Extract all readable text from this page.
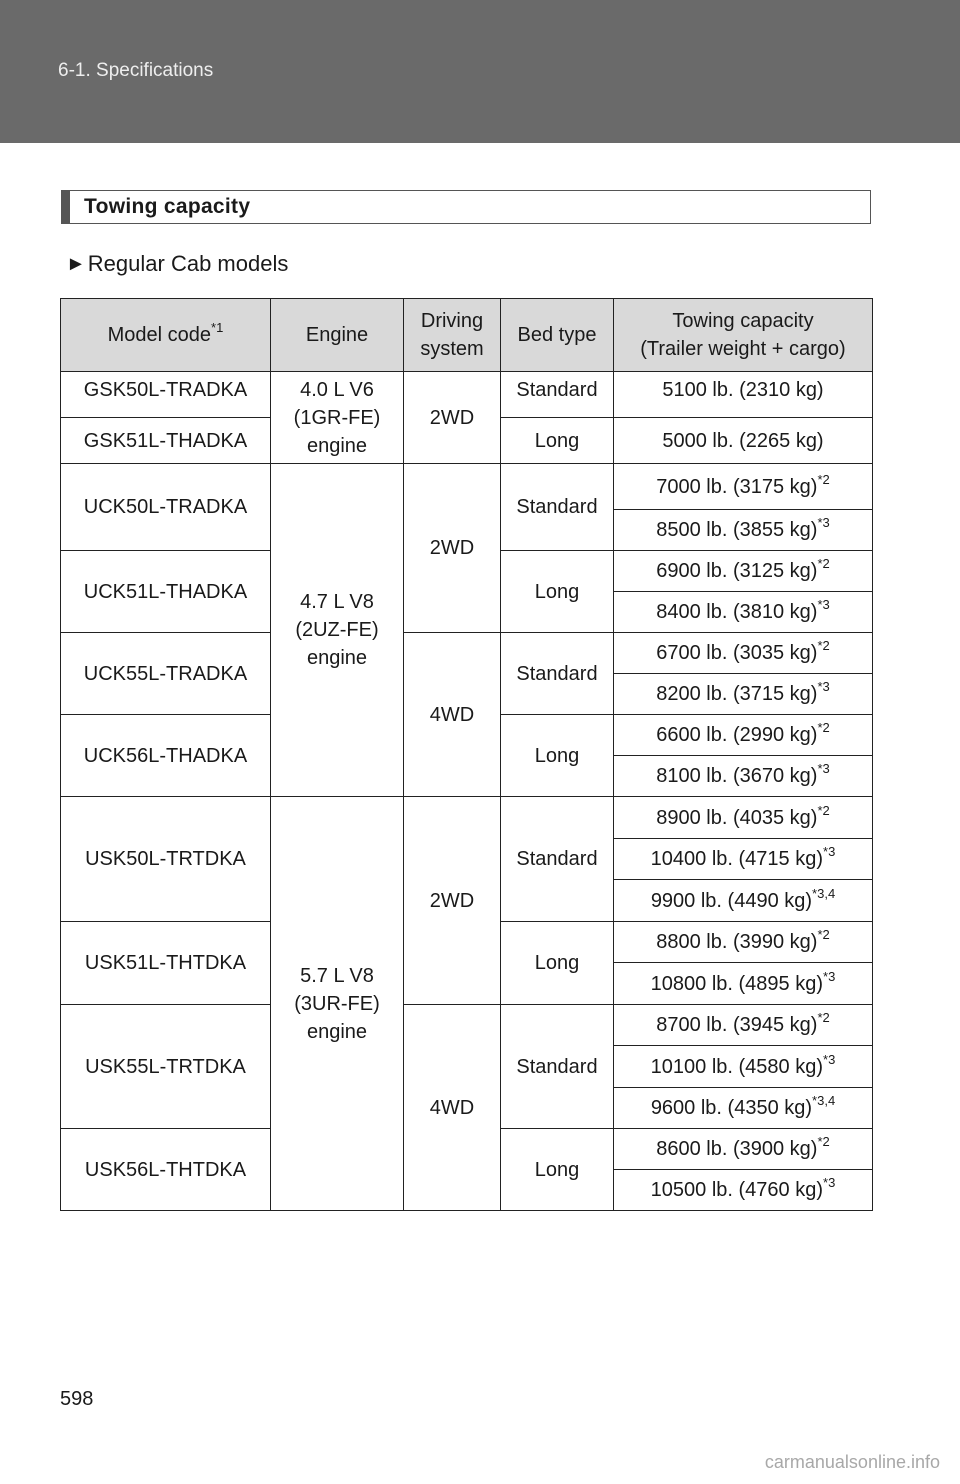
6-1. Specifications
Towing capacity
► Regular Cab models
Model code$^{*1}$	Engine	Driving
system	Bed type	Towing capacity
(Trailer weight + cargo)
GSK50L-TRADKA	4.0 L V6
(1GR-FE)
engine	2WD	Standard	5100 lb. (2310 kg)
GSK51L-THADKA			Long	5000 lb. (2265 kg)
UCK50L-TRADKA	4.7 L V8
(2UZ-FE)
engine	2WD	Standard	7000 lb. (3175 kg)$^{*2}$
				8500 lb. (3855 kg)$^{*3}$
UCK51L-THADKA			Long	6900 lb. (3125 kg)$^{*2}$
				8400 lb. (3810 kg)$^{*3}$
UCK55L-TRADKA		4WD	Standard	6700 lb. (3035 kg)$^{*2}$
				8200 lb. (3715 kg)$^{*3}$
UCK56L-THADKA			Long	6600 lb. (2990 kg)$^{*2}$
				8100 lb. (3670 kg)$^{*3}$
USK50L-TRTDKA	5.7 L V8
(3UR-FE)
engine	2WD	Standard	8900 lb. (4035 kg)$^{*2}$
				10400 lb. (4715 kg)$^{*3}$
				9900 lb. (4490 kg)$^{*3,4}$
USK51L-THTDKA			Long	8800 lb. (3990 kg)$^{*2}$
				10800 lb. (4895 kg)$^{*3}$
USK55L-TRTDKA		4WD	Standard	8700 lb. (3945 kg)$^{*2}$
				10100 lb. (4580 kg)$^{*3}$
				9600 lb. (4350 kg)$^{*3,4}$
USK56L-THTDKA			Long	8600 lb. (3900 kg)$^{*2}$
				10500 lb. (4760 kg)$^{*3}$
598
carmanualsonline.info
